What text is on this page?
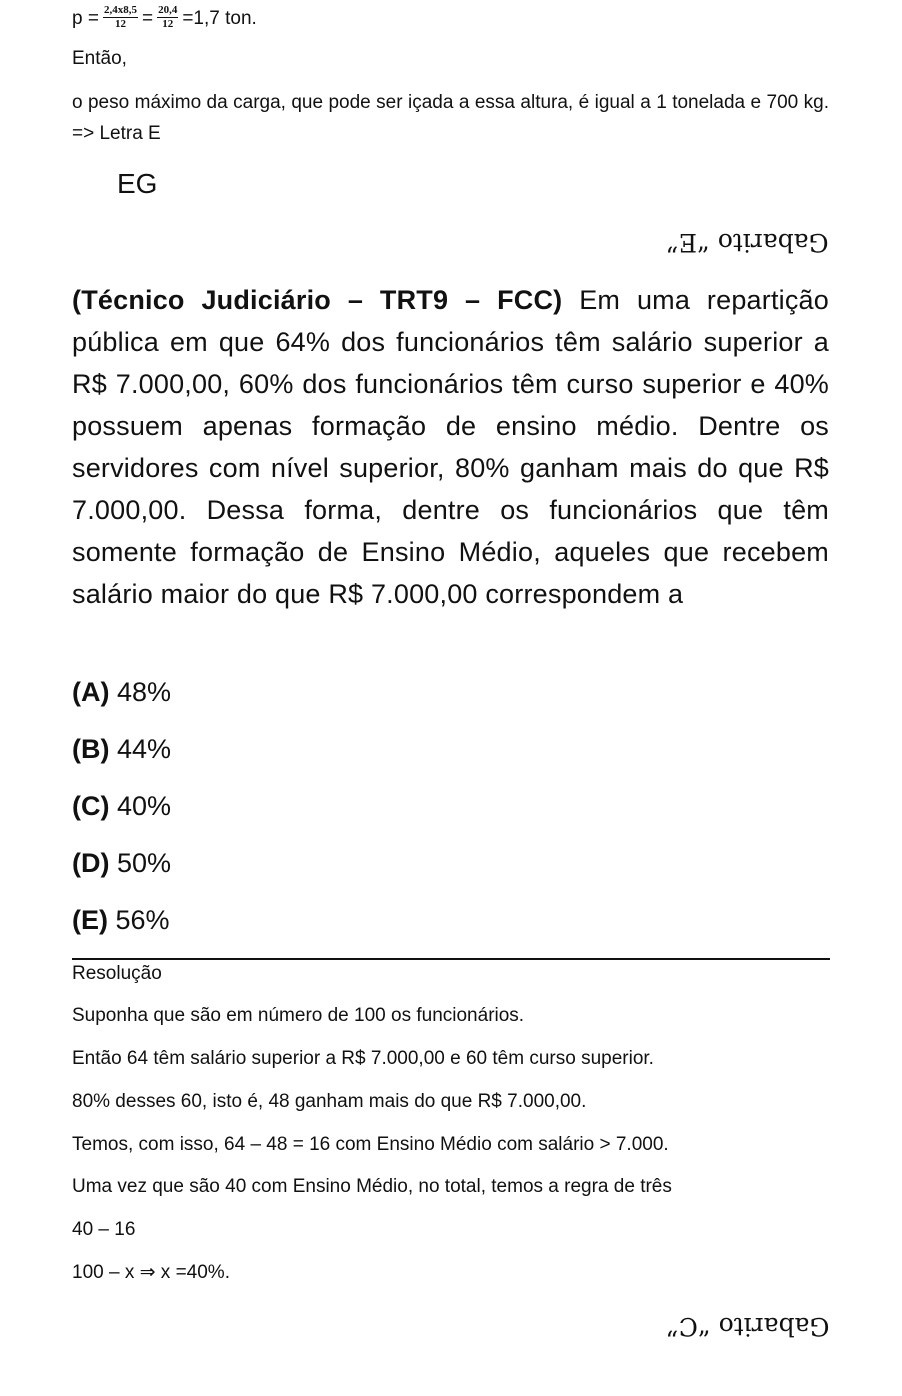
$p = \frac{2,4x8,5}{12} = \frac{20,4}{12} =1,7$ ton.
Então,
o peso máximo da carga, que pode ser içada a essa altura, é igual a 1 tonelada e 700 kg. => Letra E
EG
Gabarito “E”
(Técnico Judiciário – TRT9 – FCC) Em uma repartição pública em que 64% dos funcionários têm salário superior a R$ 7.000,00, 60% dos funcionários têm curso superior e 40% possuem apenas formação de ensino médio. Dentre os servidores com nível superior, 80% ganham mais do que R$ 7.000,00. Dessa forma, dentre os funcionários que têm somente formação de Ensino Médio, aqueles que recebem salário maior do que R$ 7.000,00 correspondem a
(A) 48%
(B) 44%
(C) 40%
(D) 50%
(E) 56%
Resolução
Suponha que são em número de 100 os funcionários.
Então 64 têm salário superior a R$ 7.000,00 e 60 têm curso superior.
80% desses 60, isto é, 48 ganham mais do que R$ 7.000,00.
Temos, com isso, 64 – 48 = 16 com Ensino Médio com salário > 7.000.
Uma vez que são 40 com Ensino Médio, no total, temos a regra de três
40 – 16
100 – x ⇒ x =40%.
Gabarito “C”
